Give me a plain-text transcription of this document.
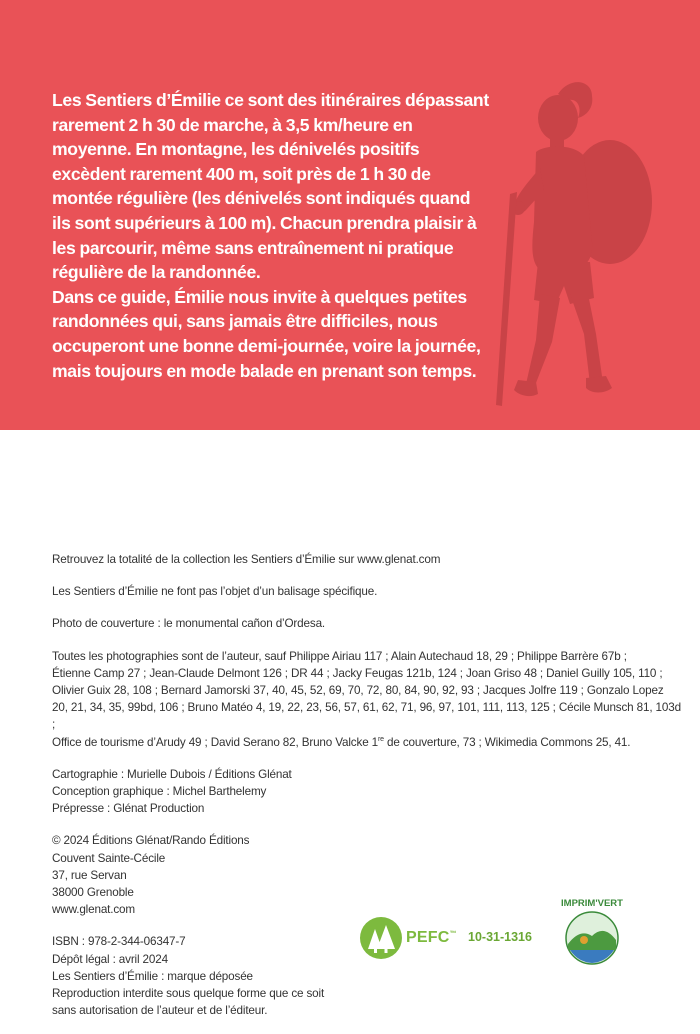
Les Sentiers d’Émilie ce sont des itinéraires dépassant rarement 2 h 30 de marche, à 3,5 km/heure en moyenne. En montagne, les dénivelés positifs excèdent rarement 400 m, soit près de 1 h 30 de montée régulière (les dénivelés sont indiqués quand ils sont supérieurs à 100 m). Chacun prendra plaisir à les parcourir, même sans entraînement ni pratique régulière de la randonnée.

Dans ce guide, Émilie nous invite à quelques petites randonnées qui, sans jamais être difficiles, nous occuperont une bonne demi-journée, voire la journée, mais toujours en mode balade en prenant son temps.

Retrouvez la totalité de la collection les Sentiers d’Émilie sur www.glenat.com

Les Sentiers d’Émilie ne font pas l’objet d’un balisage spécifique.

Photo de couverture : le monumental cañon d’Ordesa.

Toutes les photographies sont de l’auteur, sauf Philippe Airiau 117 ; Alain Autechaud 18, 29 ; Philippe Barrère 67b ;
Étienne Camp 27 ; Jean-Claude Delmont 126 ; DR 44 ; Jacky Feugas 121b, 124 ; Joan Griso 48 ; Daniel Guilly 105, 110 ;
Olivier Guix 28, 108 ; Bernard Jamorski 37, 40, 45, 52, 69, 70, 72, 80, 84, 90, 92, 93 ; Jacques Jolfre 119 ; Gonzalo Lopez
20, 21, 34, 35, 99bd, 106 ; Bruno Matéo 4, 19, 22, 23, 56, 57, 61, 62, 71, 96, 97, 101, 111, 113, 125 ; Cécile Munsch 81, 103d ;
Office de tourisme d’Arudy 49 ; David Serano 82, Bruno Valcke 1re de couverture, 73 ; Wikimedia Commons 25, 41.

Cartographie : Murielle Dubois / Éditions Glénat
Conception graphique : Michel Barthelemy
Prépresse : Glénat Production

© 2024 Éditions Glénat/Rando Éditions
Couvent Sainte-Cécile
37, rue Servan
38000 Grenoble
www.glenat.com

ISBN : 978-2-344-06347-7
Dépôt légal : avril 2024
Les Sentiers d’Émilie : marque déposée
Reproduction interdite sous quelque forme que ce soit
sans autorisation de l’auteur et de l’éditeur.

PEFC™ 10-31-1316
IMPRIM'VERT
